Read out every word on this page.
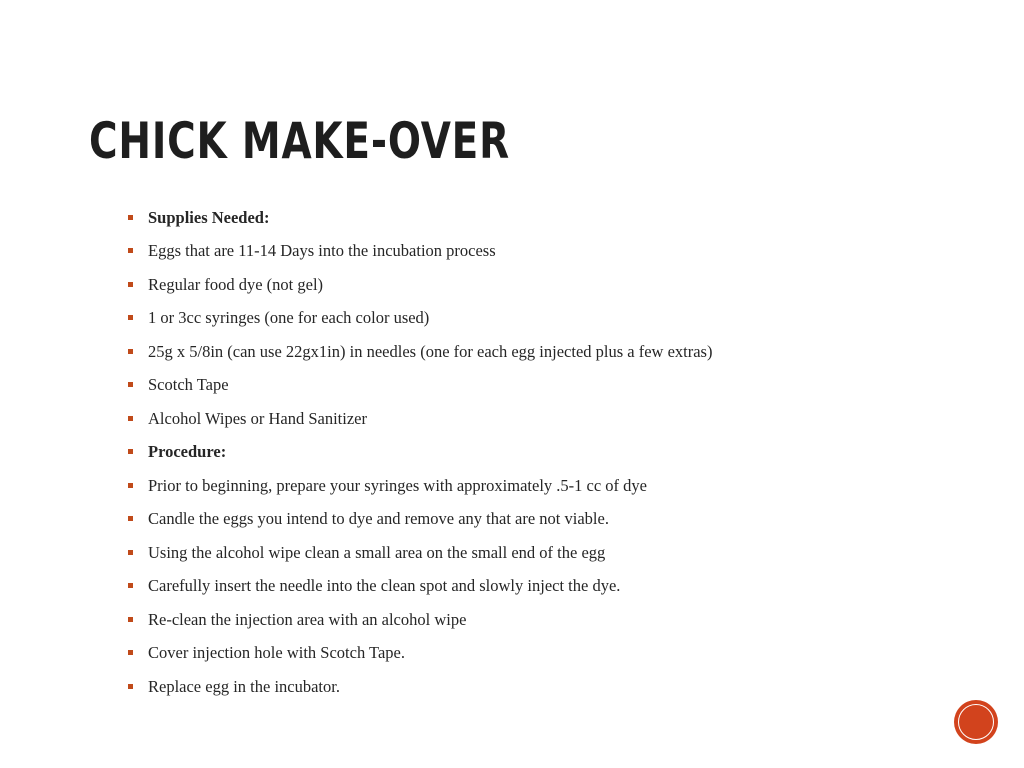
CHICK MAKE-OVER
Supplies Needed:
Eggs that are 11-14 Days into the incubation process
Regular food dye (not gel)
1 or 3cc syringes (one for each color used)
25g x 5/8in (can use 22gx1in) in needles (one for each egg injected plus a few extras)
Scotch Tape
Alcohol Wipes or Hand Sanitizer
Procedure:
Prior to beginning, prepare your syringes with approximately .5-1 cc of dye
Candle the eggs you intend to dye and remove any that are not viable.
Using the alcohol wipe clean a small area on the small end of the egg
Carefully insert the needle into the clean spot and slowly inject the dye.
Re-clean the injection area with an alcohol wipe
Cover injection hole with Scotch Tape.
Replace egg in the incubator.
